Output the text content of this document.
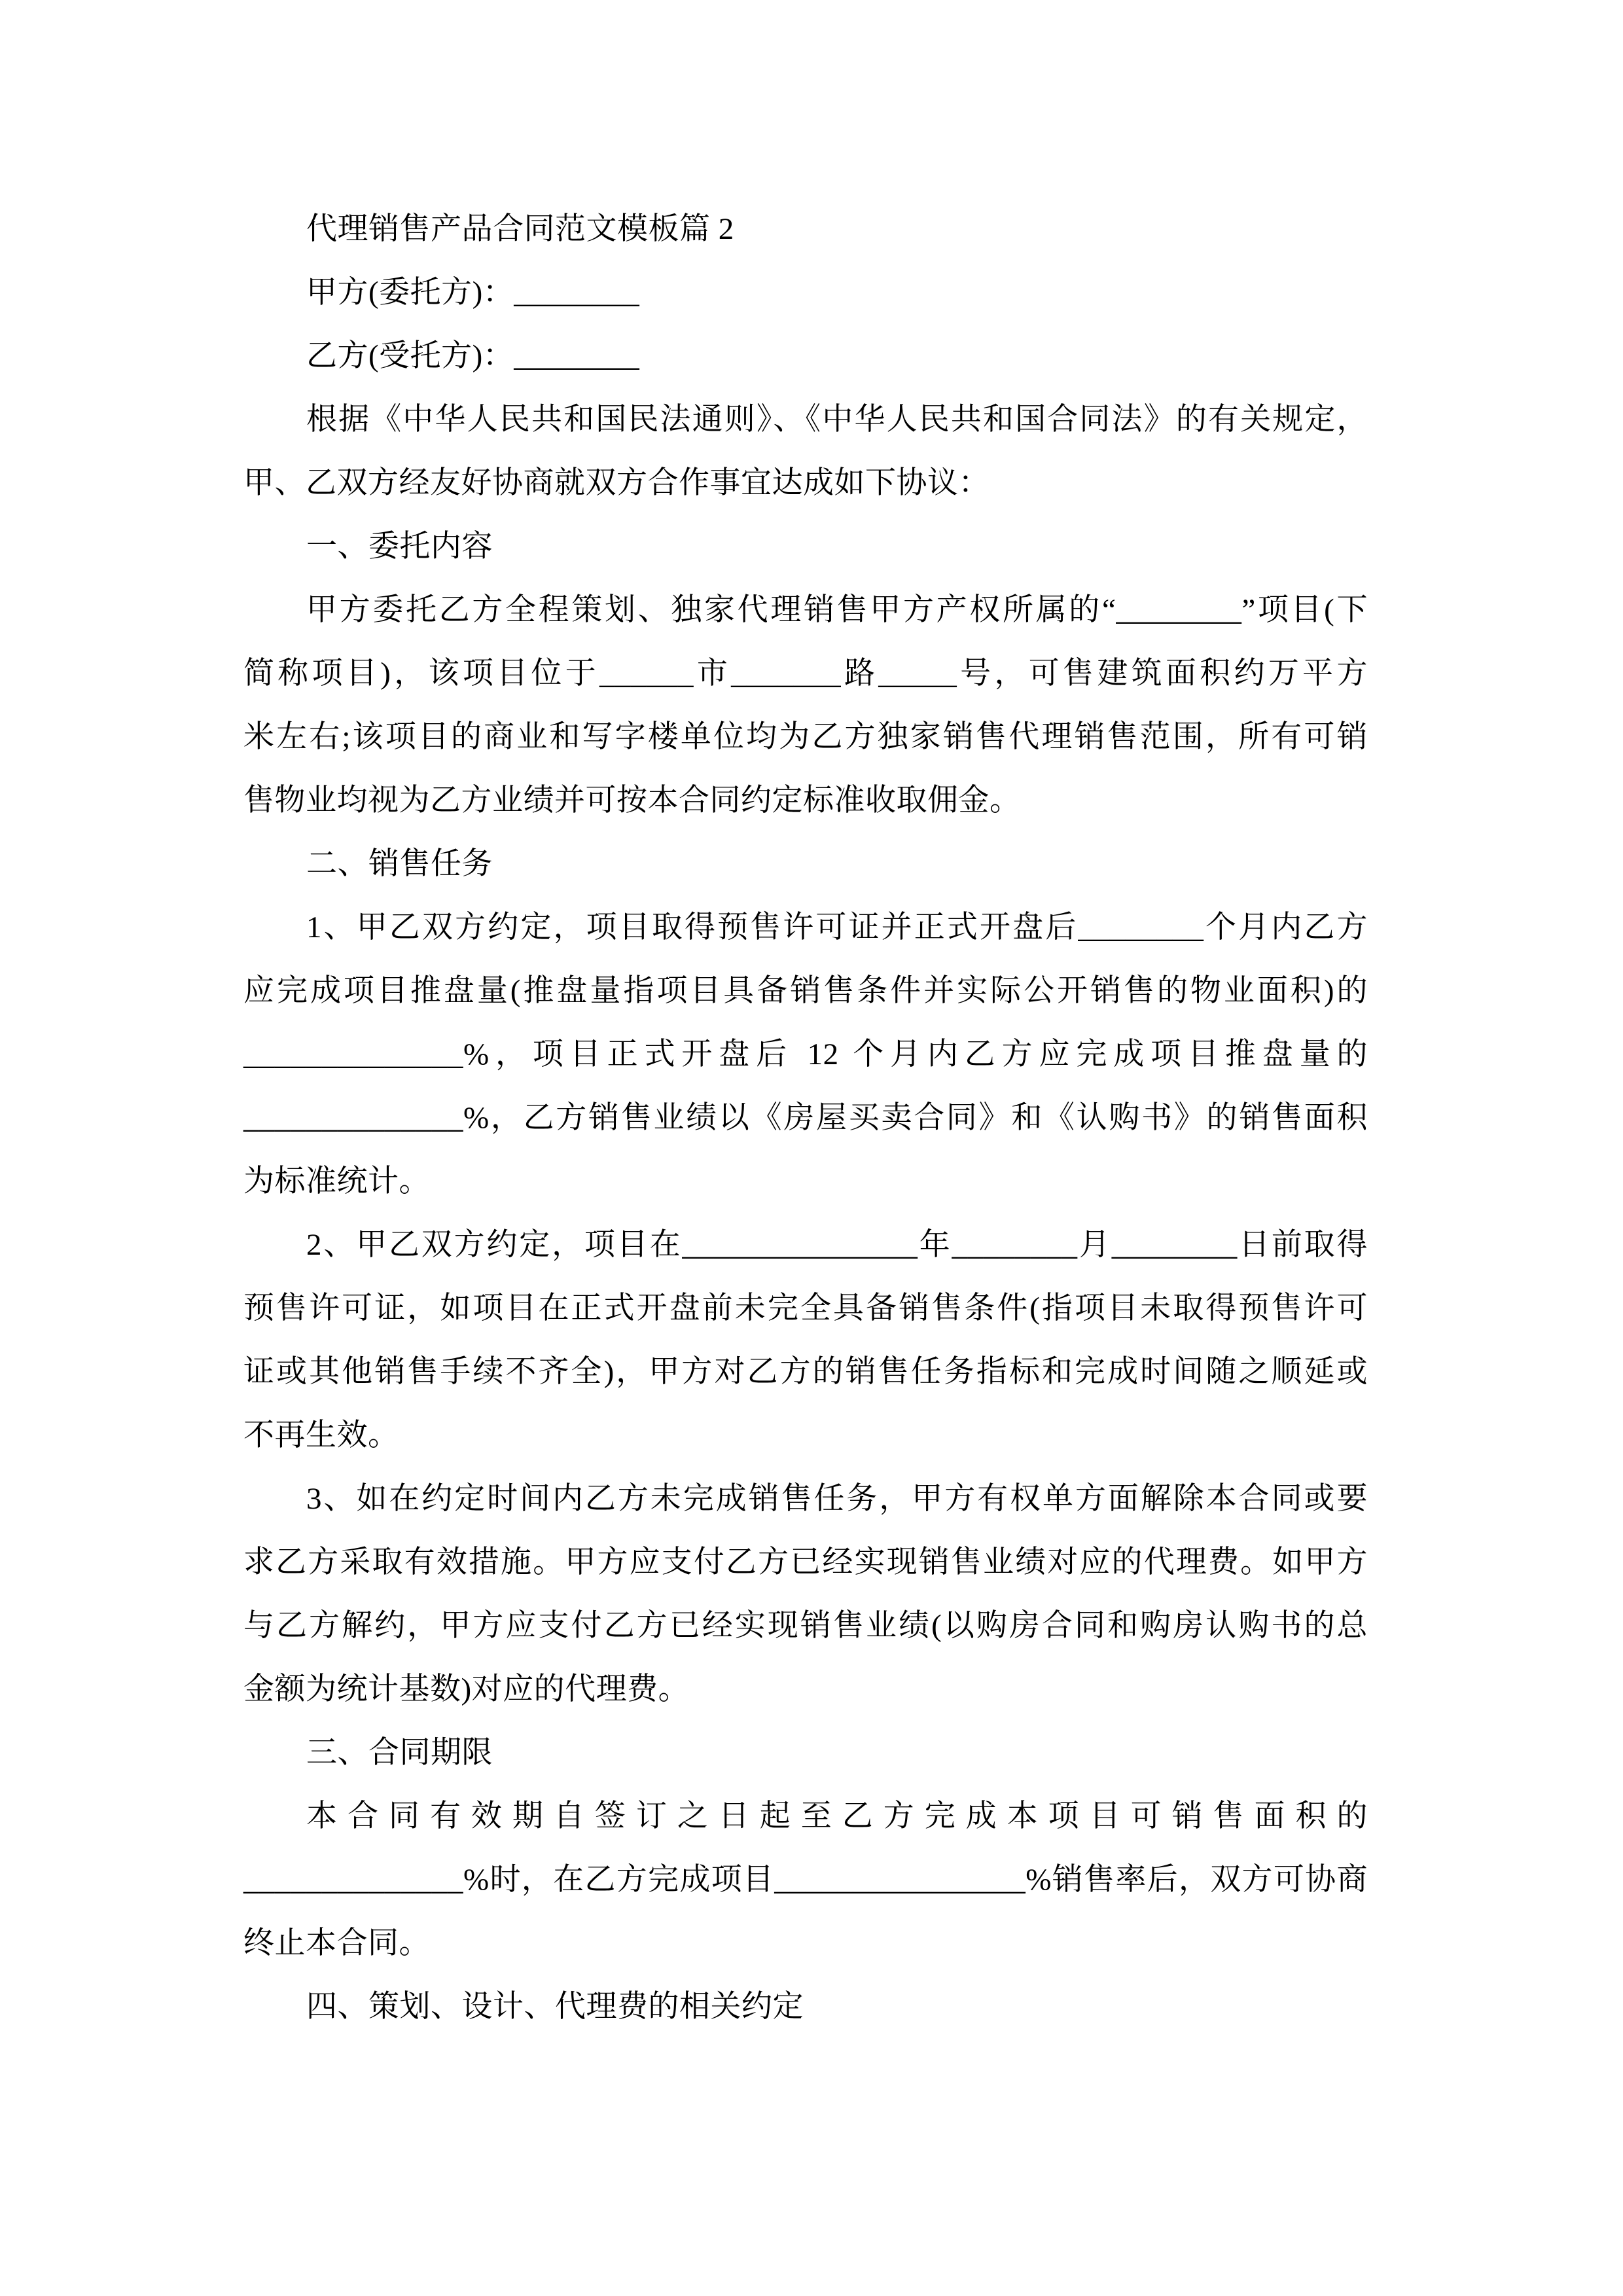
代理销售产品合同范文模板篇 2
甲方(委托方)：________
乙方(受托方)：________
根据《中华人民共和国民法通则》、《中华人民共和国合同法》的有关规定，
甲、乙双方经友好协商就双方合作事宜达成如下协议：
一、委托内容
甲方委托乙方全程策划、独家代理销售甲方产权所属的“________”项目(下
简称项目)，该项目位于______市_______路_____号，可售建筑面积约万平方
米左右;该项目的商业和写字楼单位均为乙方独家销售代理销售范围，所有可销
售物业均视为乙方业绩并可按本合同约定标准收取佣金。
二、销售任务
1、甲乙双方约定，项目取得预售许可证并正式开盘后________个月内乙方
应完成项目推盘量(推盘量指项目具备销售条件并实际公开销售的物业面积)的
______________%，项目正式开盘后 12 个月内乙方应完成项目推盘量的
______________%，乙方销售业绩以《房屋买卖合同》和《认购书》的销售面积
为标准统计。
2、甲乙双方约定，项目在_______________年________月________日前取得
预售许可证，如项目在正式开盘前未完全具备销售条件(指项目未取得预售许可
证或其他销售手续不齐全)，甲方对乙方的销售任务指标和完成时间随之顺延或
不再生效。
3、如在约定时间内乙方未完成销售任务，甲方有权单方面解除本合同或要
求乙方采取有效措施。甲方应支付乙方已经实现销售业绩对应的代理费。如甲方
与乙方解约，甲方应支付乙方已经实现销售业绩(以购房合同和购房认购书的总
金额为统计基数)对应的代理费。
三、合同期限
本合同有效期自签订之日起至乙方完成本项目可销售面积的
______________%时，在乙方完成项目________________%销售率后，双方可协商
终止本合同。
四、策划、设计、代理费的相关约定
